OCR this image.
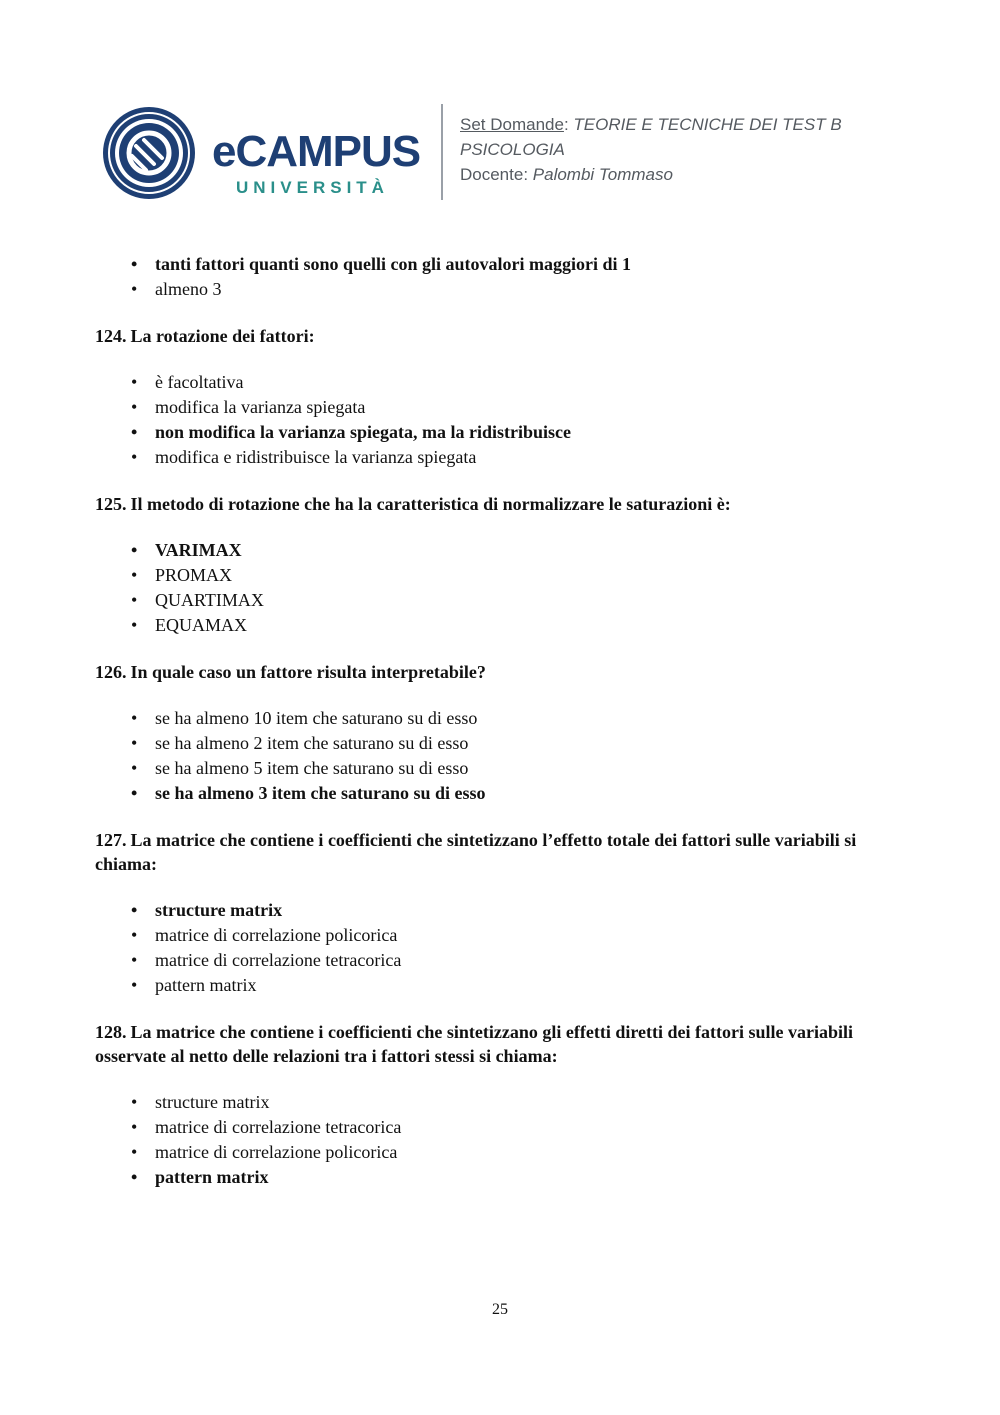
eCAMPUS
UNIVERSITÀ
Set Domande: TEORIE E TECNICHE DEI TEST B PSICOLOGIA
Docente: Palombi Tommaso
• tanti fattori quanti sono quelli con gli autovalori maggiori di 1
• almeno 3
124. La rotazione dei fattori:
• è facoltativa
• modifica la varianza spiegata
• non modifica la varianza spiegata, ma la ridistribuisce
• modifica e ridistribuisce la varianza spiegata
125. Il metodo di rotazione che ha la caratteristica di normalizzare le saturazioni è:
• VARIMAX
• PROMAX
• QUARTIMAX
• EQUAMAX
126. In quale caso un fattore risulta interpretabile?
• se ha almeno 10 item che saturano su di esso
• se ha almeno 2 item che saturano su di esso
• se ha almeno 5 item che saturano su di esso
• se ha almeno 3 item che saturano su di esso
127. La matrice che contiene i coefficienti che sintetizzano l’effetto totale dei fattori sulle variabili si chiama:
• structure matrix
• matrice di correlazione policorica
• matrice di correlazione tetracorica
• pattern matrix
128. La matrice che contiene i coefficienti che sintetizzano gli effetti diretti dei fattori sulle variabili osservate al netto delle relazioni tra i fattori stessi si chiama:
• structure matrix
• matrice di correlazione tetracorica
• matrice di correlazione policorica
• pattern matrix
25
